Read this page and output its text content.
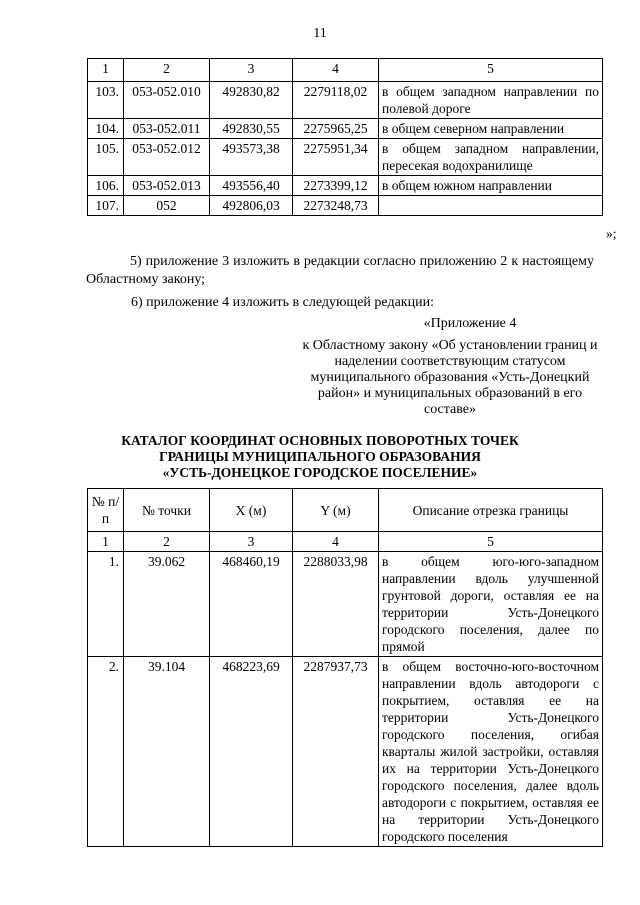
11
1	2	3	4	5
103.	053-052.010	492830,82	2279118,02	в общем западном направлении по полевой дороге
104.	053-052.011	492830,55	2275965,25	в общем северном направлении
105.	053-052.012	493573,38	2275951,34	в общем западном направлении, пересекая водохранилище
106.	053-052.013	493556,40	2273399,12	в общем южном направлении
107.	052	492806,03	2273248,73	
»;
5) приложение 3 изложить в редакции согласно приложению 2 к настоящему Областному закону;
6) приложение 4 изложить в следующей редакции:
«Приложение 4
к Областному закону «Об установлении границ и наделении соответствующим статусом муниципального образования «Усть-Донецкий район» и муниципальных образований в его составе»
КАТАЛОГ КООРДИНАТ ОСНОВНЫХ ПОВОРОТНЫХ ТОЧЕК
ГРАНИЦЫ МУНИЦИПАЛЬНОГО ОБРАЗОВАНИЯ
«УСТЬ-ДОНЕЦКОЕ ГОРОДСКОЕ ПОСЕЛЕНИЕ»
№ п/п	№ точки	X (м)	Y (м)	Описание отрезка границы
1	2	3	4	5
1.	39.062	468460,19	2288033,98	в общем юго-юго-западном направлении вдоль улучшенной грунтовой дороги, оставляя ее на территории Усть-Донецкого городского поселения, далее по прямой
2.	39.104	468223,69	2287937,73	в общем восточно-юго-восточном направлении вдоль автодороги с покрытием, оставляя ее на территории Усть-Донецкого городского поселения, огибая кварталы жилой застройки, оставляя их на территории Усть-Донецкого городского поселения, далее вдоль автодороги с покрытием, оставляя ее на территории Усть-Донецкого городского поселения
